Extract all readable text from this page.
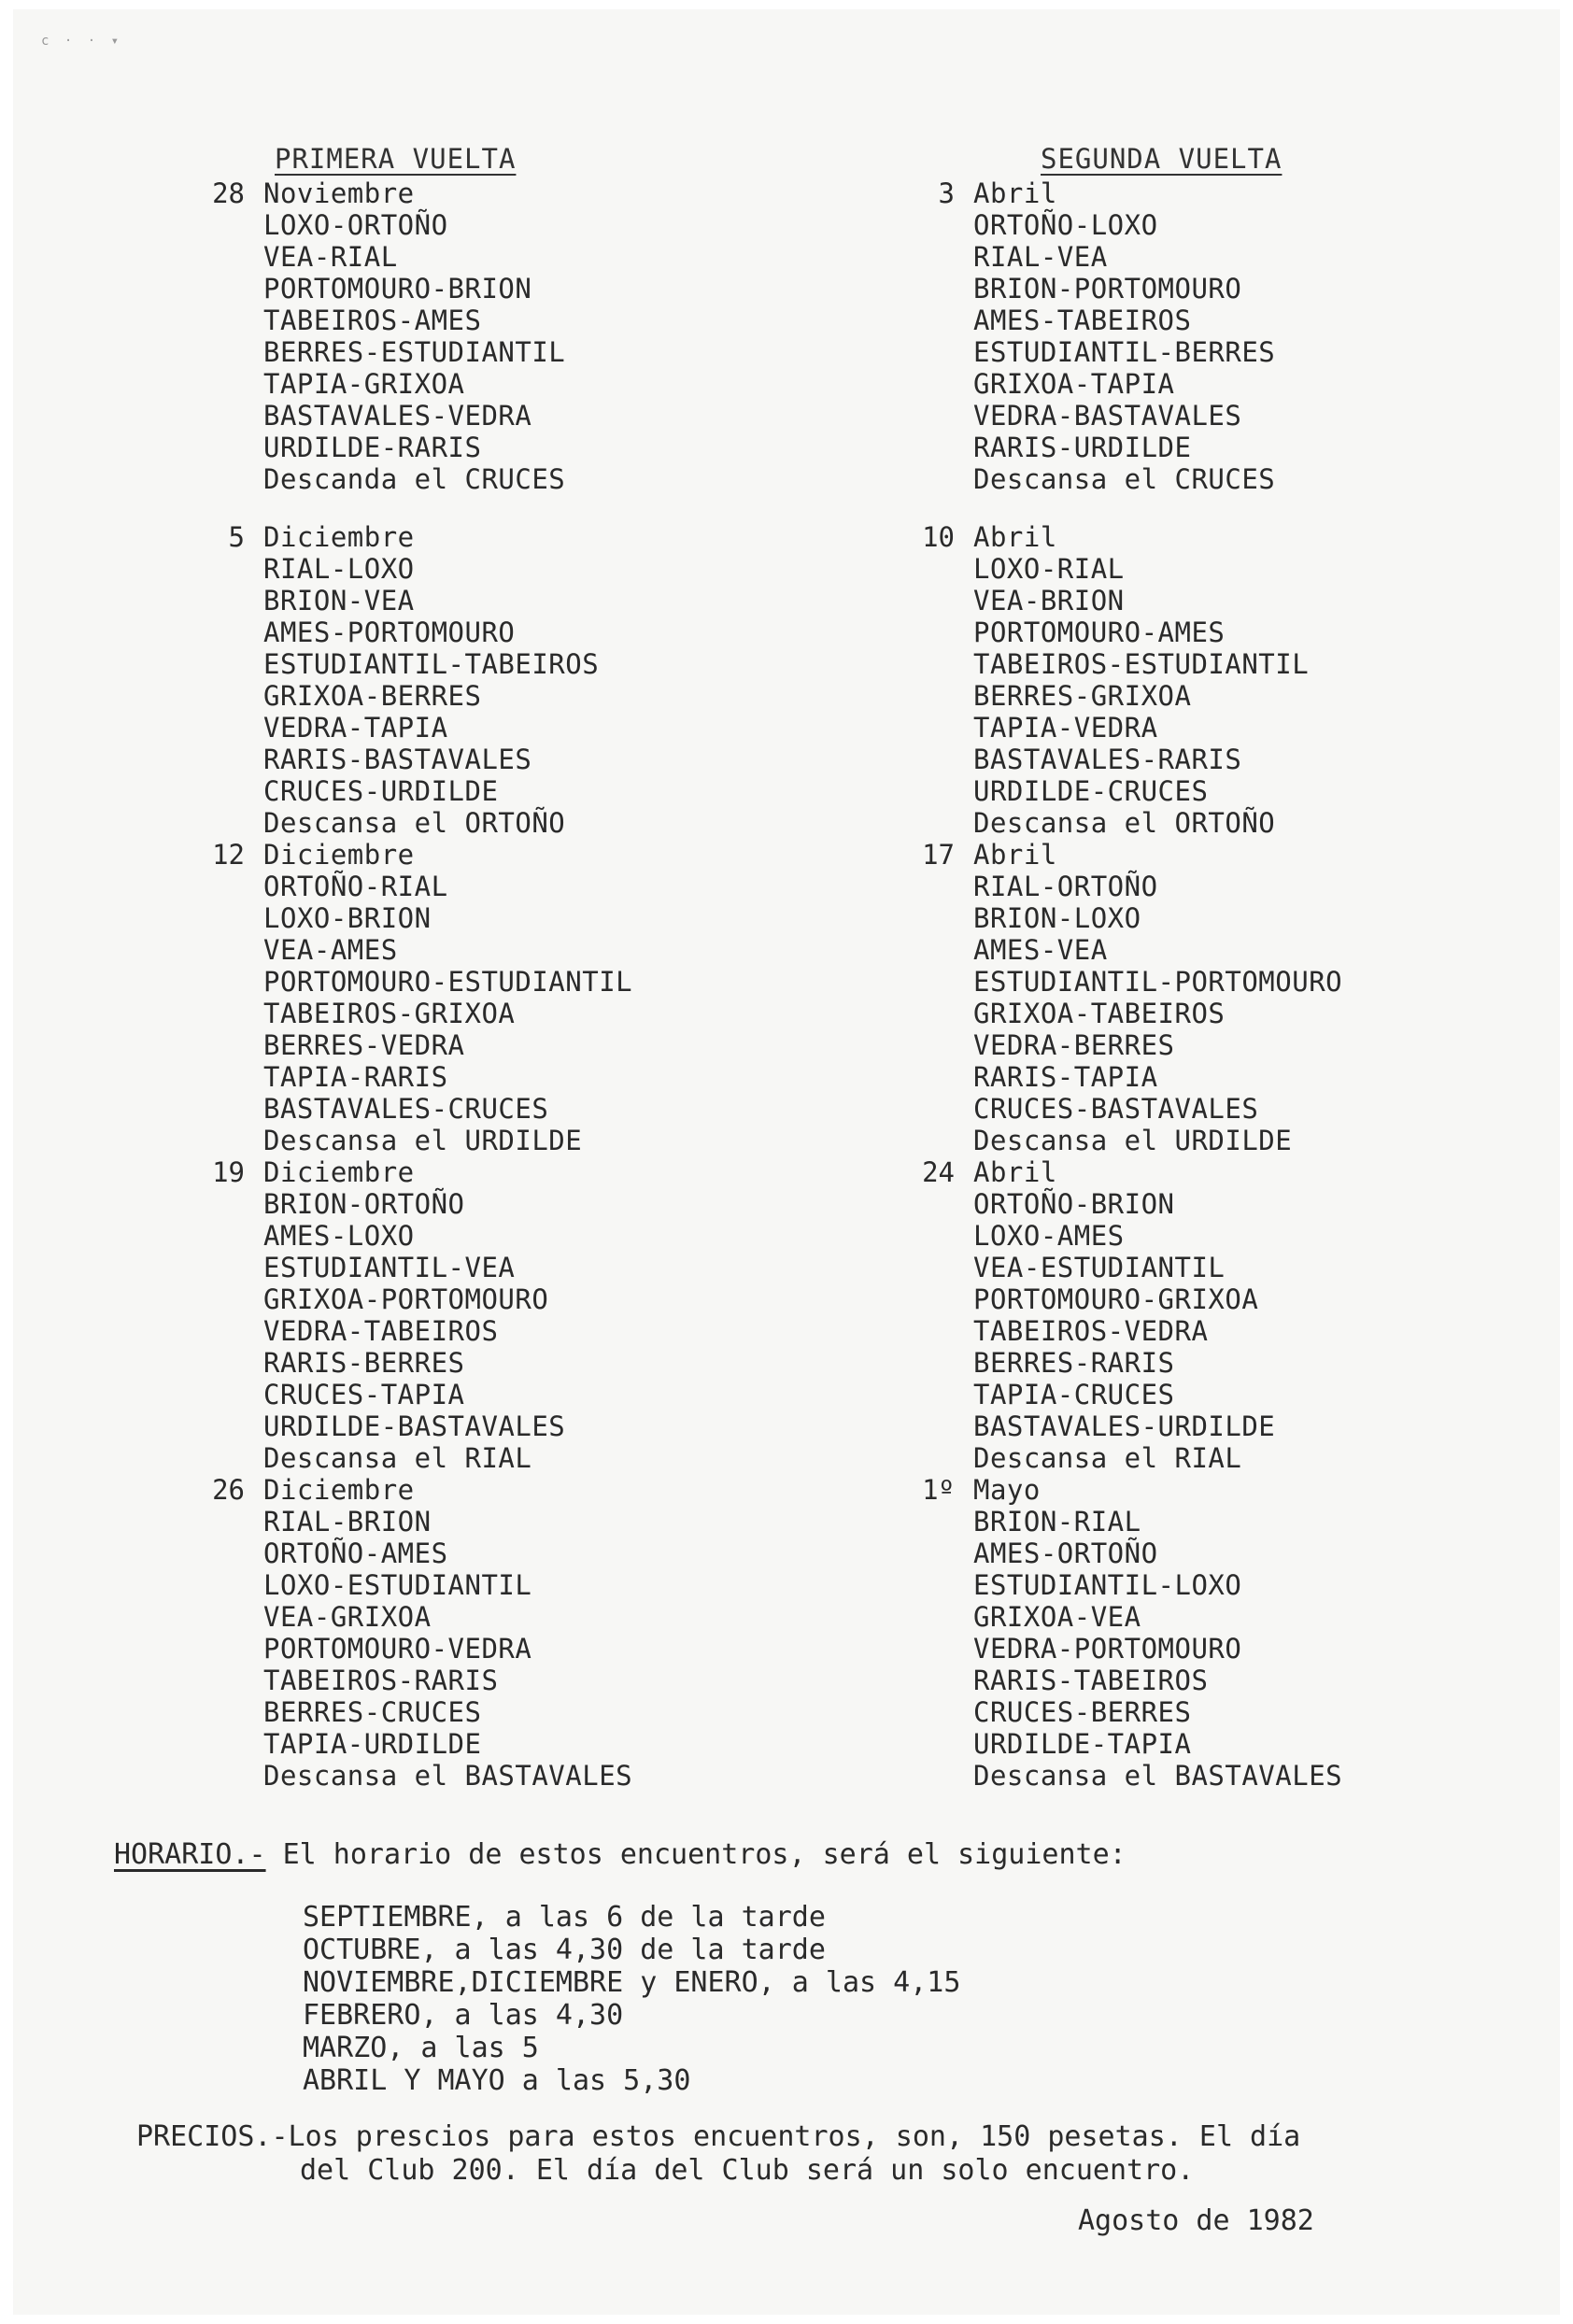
c · · ▾
PRIMERA VUELTA
28 Noviembre
LOXO-ORTOÑO
VEA-RIAL
PORTOMOURO-BRION
TABEIROS-AMES
BERRES-ESTUDIANTIL
TAPIA-GRIXOA
BASTAVALES-VEDRA
URDILDE-RARIS
Descanda el CRUCES
5 Diciembre
RIAL-LOXO
BRION-VEA
AMES-PORTOMOURO
ESTUDIANTIL-TABEIROS
GRIXOA-BERRES
VEDRA-TAPIA
RARIS-BASTAVALES
CRUCES-URDILDE
Descansa el ORTOÑO
12 Diciembre
ORTOÑO-RIAL
LOXO-BRION
VEA-AMES
PORTOMOURO-ESTUDIANTIL
TABEIROS-GRIXOA
BERRES-VEDRA
TAPIA-RARIS
BASTAVALES-CRUCES
Descansa el URDILDE
19 Diciembre
BRION-ORTOÑO
AMES-LOXO
ESTUDIANTIL-VEA
GRIXOA-PORTOMOURO
VEDRA-TABEIROS
RARIS-BERRES
CRUCES-TAPIA
URDILDE-BASTAVALES
Descansa el RIAL
26 Diciembre
RIAL-BRION
ORTOÑO-AMES
LOXO-ESTUDIANTIL
VEA-GRIXOA
PORTOMOURO-VEDRA
TABEIROS-RARIS
BERRES-CRUCES
TAPIA-URDILDE
Descansa el BASTAVALES
SEGUNDA VUELTA
3 Abril
ORTOÑO-LOXO
RIAL-VEA
BRION-PORTOMOURO
AMES-TABEIROS
ESTUDIANTIL-BERRES
GRIXOA-TAPIA
VEDRA-BASTAVALES
RARIS-URDILDE
Descansa el CRUCES
10 Abril
LOXO-RIAL
VEA-BRION
PORTOMOURO-AMES
TABEIROS-ESTUDIANTIL
BERRES-GRIXOA
TAPIA-VEDRA
BASTAVALES-RARIS
URDILDE-CRUCES
Descansa el ORTOÑO
17 Abril
RIAL-ORTOÑO
BRION-LOXO
AMES-VEA
ESTUDIANTIL-PORTOMOURO
GRIXOA-TABEIROS
VEDRA-BERRES
RARIS-TAPIA
CRUCES-BASTAVALES
Descansa el URDILDE
24 Abril
ORTOÑO-BRION
LOXO-AMES
VEA-ESTUDIANTIL
PORTOMOURO-GRIXOA
TABEIROS-VEDRA
BERRES-RARIS
TAPIA-CRUCES
BASTAVALES-URDILDE
Descansa el RIAL
1º Mayo
BRION-RIAL
AMES-ORTOÑO
ESTUDIANTIL-LOXO
GRIXOA-VEA
VEDRA-PORTOMOURO
RARIS-TABEIROS
CRUCES-BERRES
URDILDE-TAPIA
Descansa el BASTAVALES
HORARIO.- El horario de estos encuentros, será el siguiente:
SEPTIEMBRE, a las 6 de la tarde
OCTUBRE, a las 4,30 de la tarde
NOVIEMBRE,DICIEMBRE y ENERO, a las 4,15
FEBRERO, a las 4,30
MARZO, a las 5
ABRIL Y MAYO a las 5,30
PRECIOS.-Los prescios para estos encuentros, son, 150 pesetas. El día
del Club 200. El día del Club será un solo encuentro.
Agosto de 1982
